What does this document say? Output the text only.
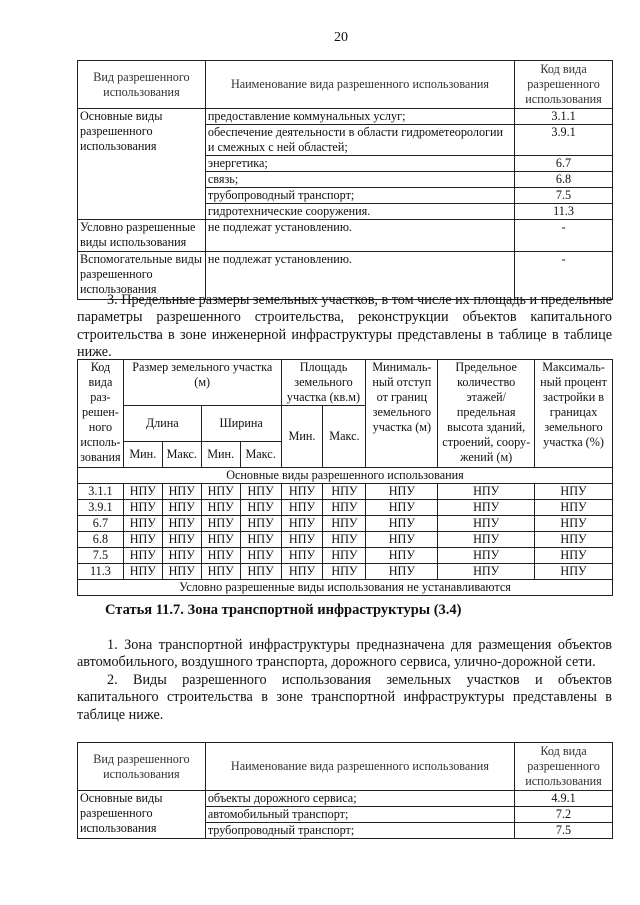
20
Вид разрешенного использования	Наименование вида разрешенного использования	Код вида разрешенного использования
Основные виды разрешенного использования	предоставление коммунальных услуг;	3.1.1
	обеспечение деятельности в области гидрометеорологии и смежных с ней областей;	3.9.1
	энергетика;	6.7
	связь;	6.8
	трубопроводный транспорт;	7.5
	гидротехнические сооружения.	11.3
Условно разрешенные виды использования	не подлежат установлению.	-
Вспомогательные виды разрешенного использования	не подлежат установлению.	-

3. Предельные размеры земельных участков, в том числе их площадь и предельные параметры разрешенного строительства, реконструкции объектов капитального строительства в зоне инженерной инфраструктуры представлены в таблице в таблице ниже.

Код вида раз-решен-ного исполь-зования	Размер земельного участка (м)				Площадь земельного участка (кв.м)		Минималь-ный отступ от границ земельного участка (м)	Предельное количество этажей/ предельная высота зданий, строений, соору-жений (м)	Максималь-ный процент застройки в границах земельного участка (%)
	Длина		Ширина		Мин.	Макс.			
	Мин.	Макс.	Мин.	Макс.					
Основные виды разрешенного использования									
3.1.1	НПУ	НПУ	НПУ	НПУ	НПУ	НПУ	НПУ	НПУ	НПУ
3.9.1	НПУ	НПУ	НПУ	НПУ	НПУ	НПУ	НПУ	НПУ	НПУ
6.7	НПУ	НПУ	НПУ	НПУ	НПУ	НПУ	НПУ	НПУ	НПУ
6.8	НПУ	НПУ	НПУ	НПУ	НПУ	НПУ	НПУ	НПУ	НПУ
7.5	НПУ	НПУ	НПУ	НПУ	НПУ	НПУ	НПУ	НПУ	НПУ
11.3	НПУ	НПУ	НПУ	НПУ	НПУ	НПУ	НПУ	НПУ	НПУ
Условно разрешенные виды использования не устанавливаются									
Статья 11.7. Зона транспортной инфраструктуры (3.4)

1. Зона транспортной инфраструктуры предназначена для размещения объектов автомобильного, воздушного транспорта, дорожного сервиса, улично-дорожной сети.

2. Виды разрешенного использования земельных участков и объектов капитального строительства в зоне транспортной инфраструктуры представлены в таблице ниже.

Вид разрешенного использования	Наименование вида разрешенного использования	Код вида разрешенного использования
Основные виды разрешенного использования	объекты дорожного сервиса;	4.9.1
	автомобильный транспорт;	7.2
	трубопроводный транспорт;	7.5
